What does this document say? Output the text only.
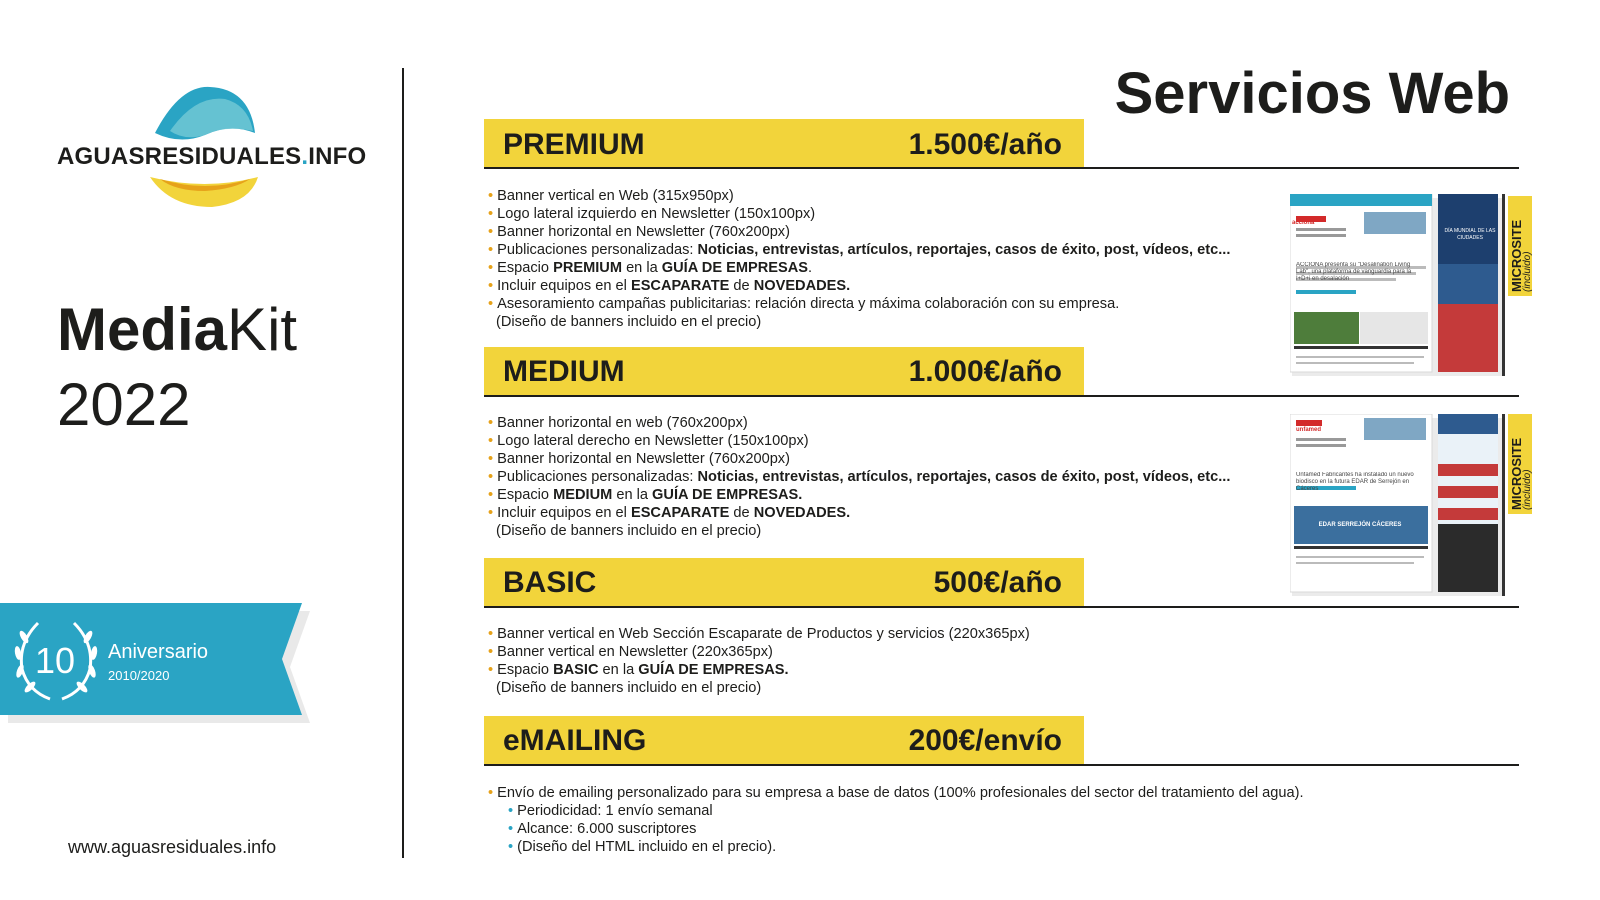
AGUASRESIDUALES.INFO
MediaKit
2022
10 Aniversario
2010/2020
www.aguasresiduales.info
Servicios Web
PREMIUM	1.500€/año
• Banner vertical en Web (315x950px)
• Logo lateral izquierdo en Newsletter (150x100px)
• Banner horizontal en Newsletter (760x200px)
• Publicaciones personalizadas: Noticias, entrevistas, artículos, reportajes, casos de éxito, post, vídeos, etc...
• Espacio PREMIUM en la GUÍA DE EMPRESAS.
• Incluir equipos en el ESCAPARATE de NOVEDADES.
• Asesoramiento campañas publicitarias: relación directa y máxima colaboración con su empresa.
(Diseño de banners incluido en el precio)
acciona
ACCIONA presenta su "Desalination Living Lab", una plataforma de vanguardia para la I+D+i en desalación
DÍA MUNDIAL DE LAS CIUDADES	MICROSITE
(incluido)
MEDIUM	1.000€/año
• Banner horizontal en web (760x200px)
• Logo lateral derecho en Newsletter (150x100px)
• Banner horizontal en Newsletter (760x200px)
• Publicaciones personalizadas: Noticias, entrevistas, artículos, reportajes, casos de éxito, post, vídeos, etc...
• Espacio MEDIUM en la GUÍA DE EMPRESAS.
• Incluir equipos en el ESCAPARATE de NOVEDADES.
(Diseño de banners incluido en el precio)
unfamed
Unfamed Fabricantes ha instalado un nuevo biodisco en la futura EDAR de Serrejón en Cáceres
EDAR SERREJÓN CÁCERES
MICROSITE
(incluido)
BASIC	500€/año
• Banner vertical en Web Sección Escaparate de Productos y servicios (220x365px)
• Banner vertical en Newsletter (220x365px)
• Espacio BASIC en la GUÍA DE EMPRESAS.
(Diseño de banners incluido en el precio)
eMAILING	200€/envío
• Envío de emailing personalizado para su empresa a base de datos (100% profesionales del sector del tratamiento del agua).
• Periodicidad: 1 envío semanal
• Alcance: 6.000 suscriptores
• (Diseño del HTML incluido en el precio).
